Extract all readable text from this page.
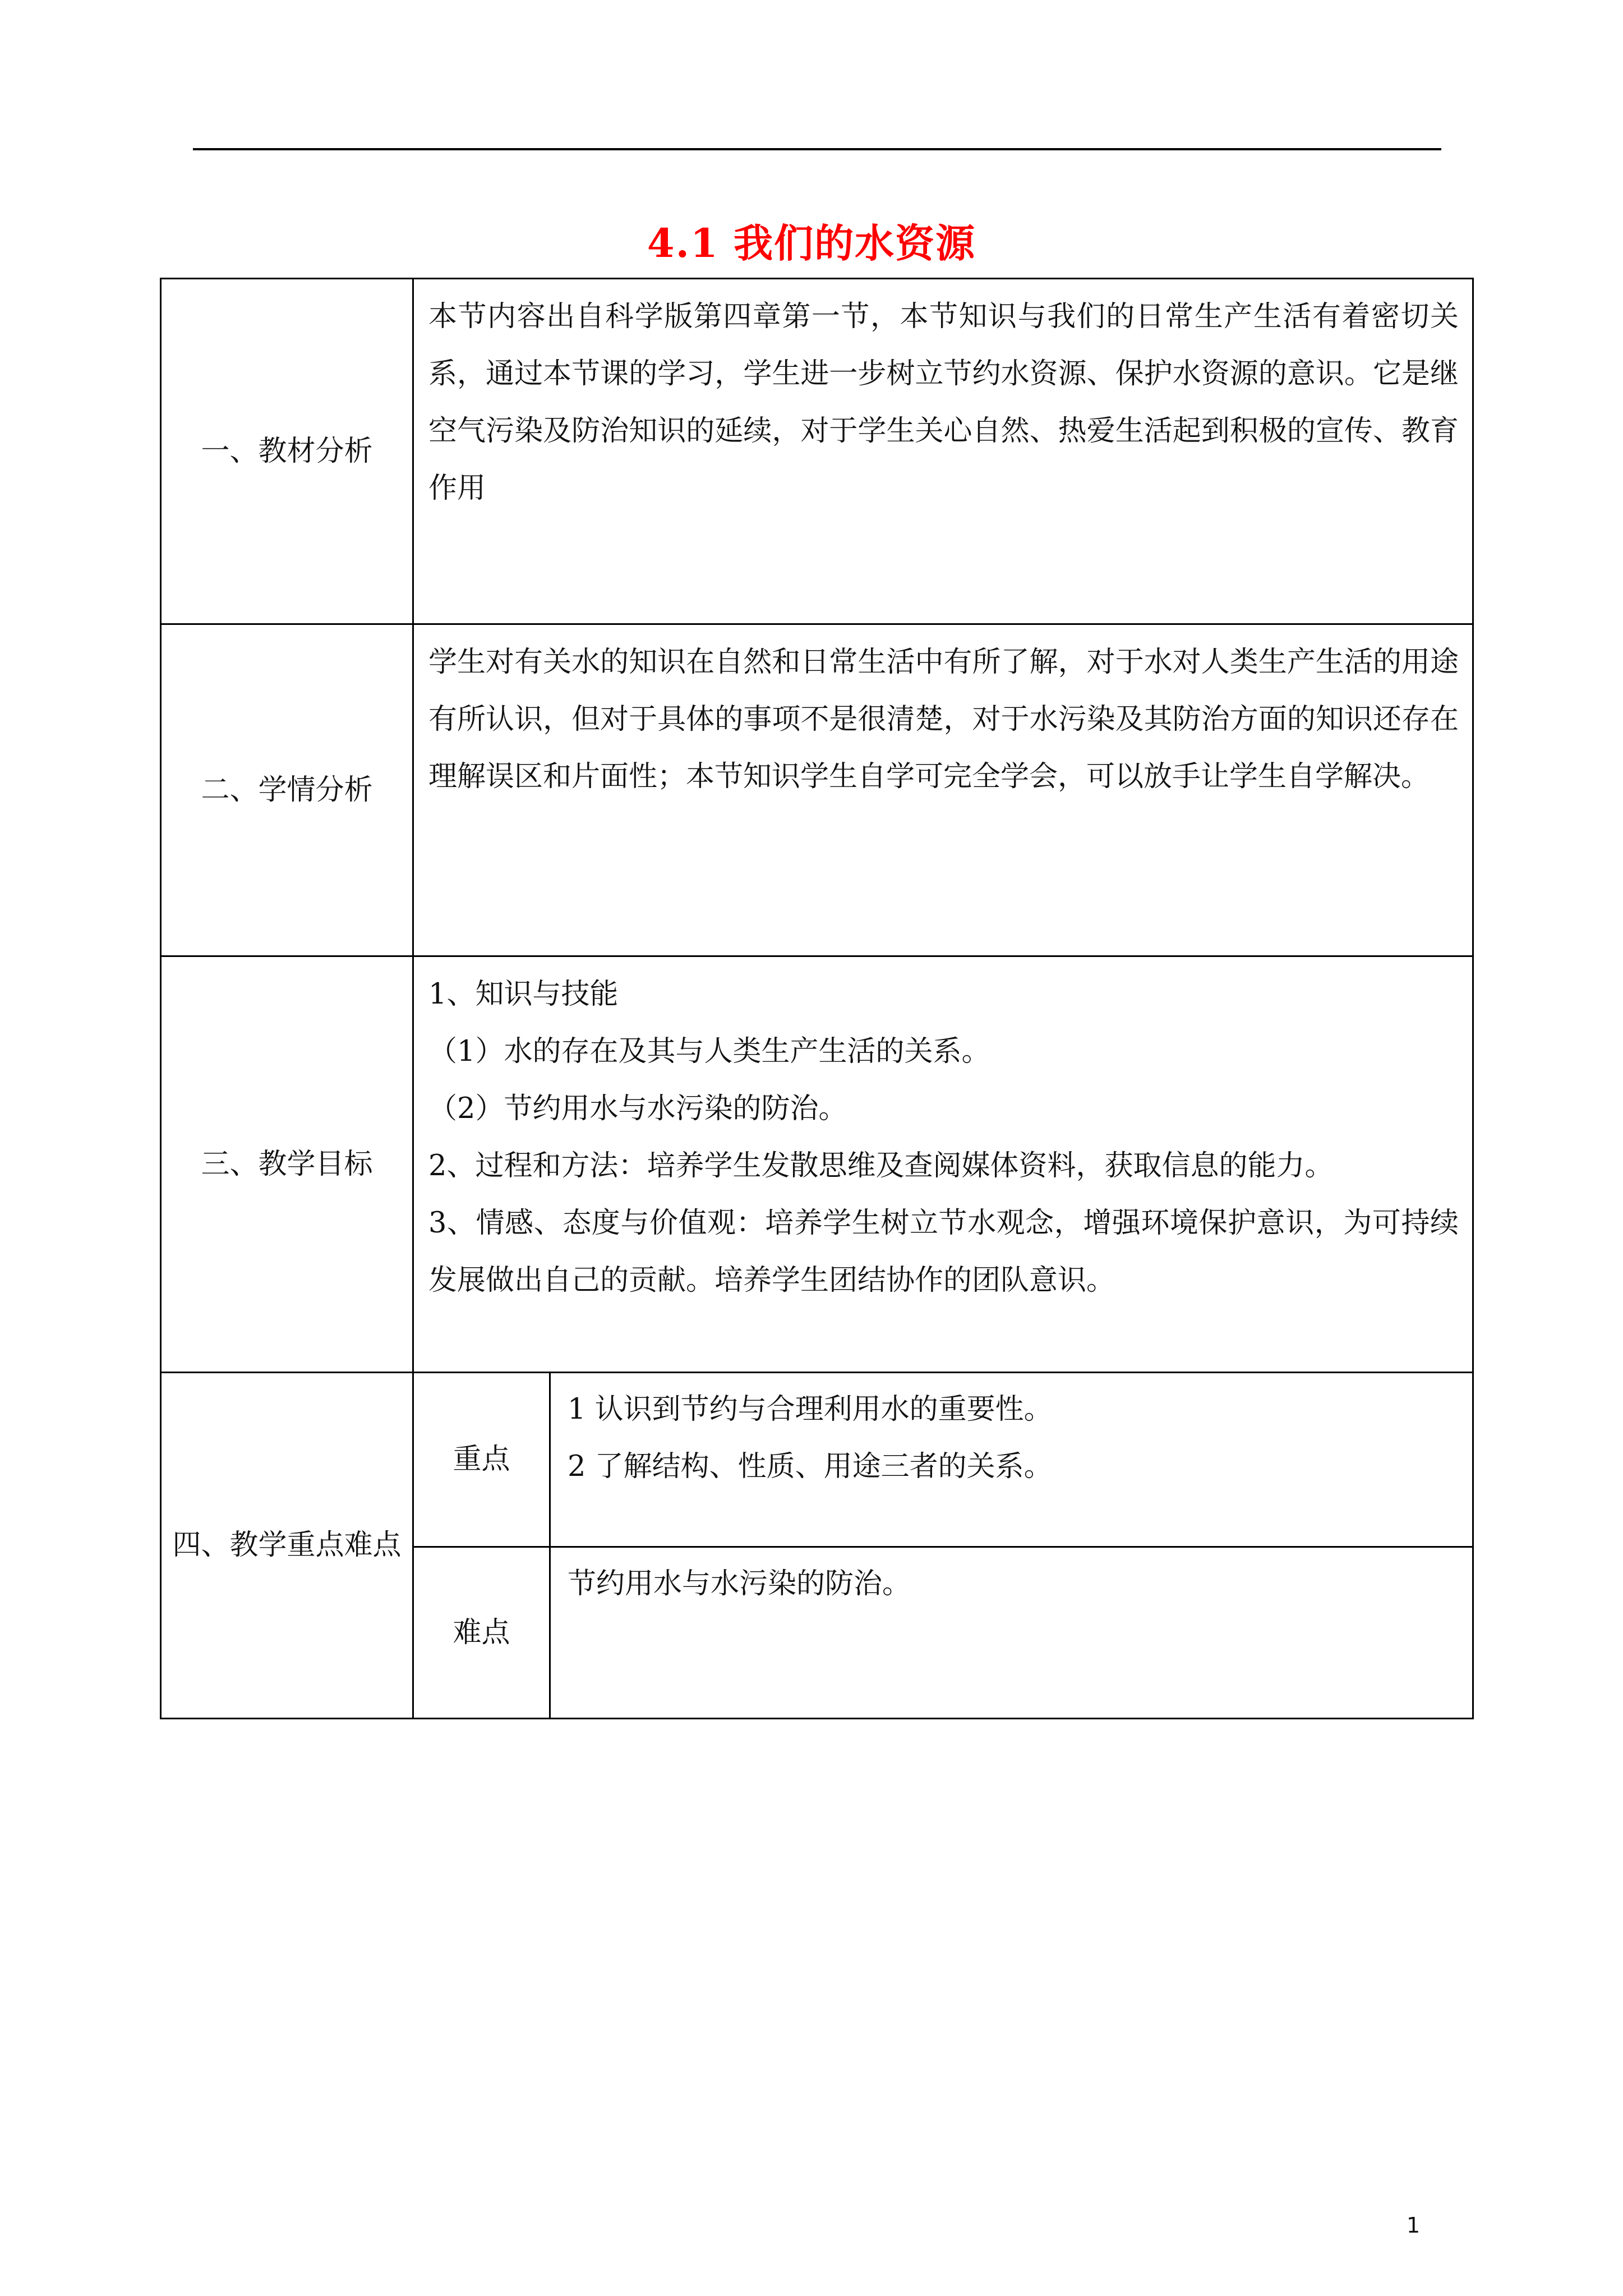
4.1 我们的水资源
一、教材分析	本节内容出自科学版第四章第一节，本节知识与我们的日常生产生活有着密切关系，通过本节课的学习，学生进一步树立节约水资源、保护水资源的意识。它是继空气污染及防治知识的延续，对于学生关心自然、热爱生活起到积极的宣传、教育作用	

二、学情分析	学生对有关水的知识在自然和日常生活中有所了解，对于水对人类生产生活的用途有所认识，但对于具体的事项不是很清楚，对于水污染及其防治方面的知识还存在理解误区和片面性；本节知识学生自学可完全学会，可以放手让学生自学解决。	

三、教学目标	1、知识与技能

（1）水的存在及其与人类生产生活的关系。

（2）节约用水与水污染的防治。

2、过程和方法：培养学生发散思维及查阅媒体资料，获取信息的能力。

3、情感、态度与价值观：培养学生树立节水观念，增强环境保护意识，为可持续发展做出自己的贡献。培养学生团结协作的团队意识。	

四、教学重点难点	重点	1 认识到节约与合理利用水的重要性。

2 了解结构、性质、用途三者的关系。

	难点	节约用水与水污染的防治。

1
